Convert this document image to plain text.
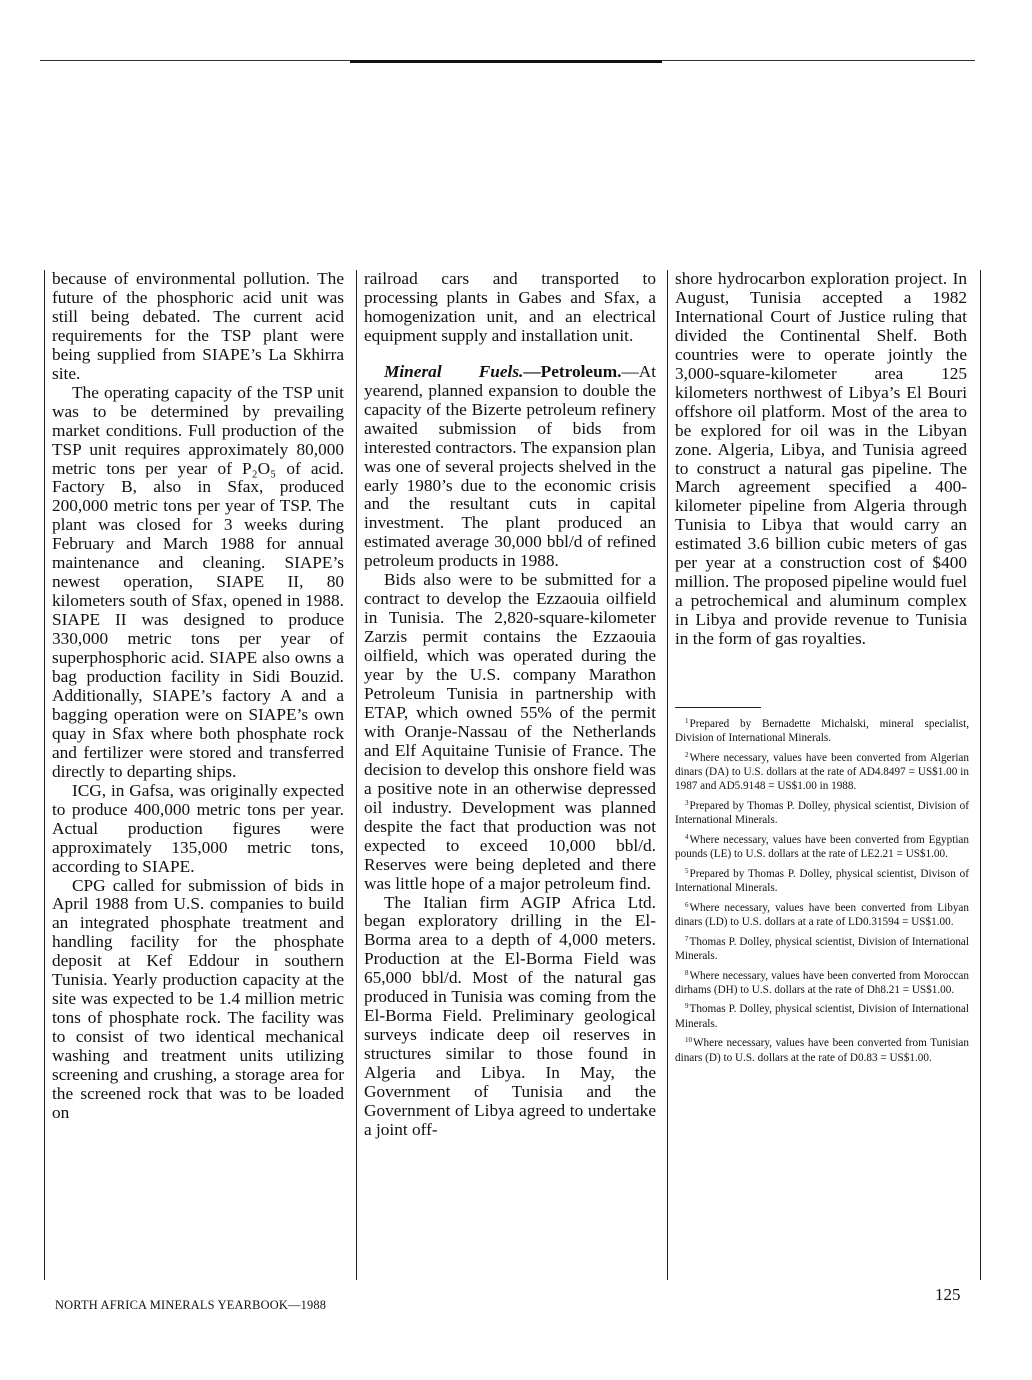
because of environmental pollution. The future of the phosphoric acid unit was still being debated. The current acid requirements for the TSP plant were being supplied from SIAPE’s La Skhirra site.

The operating capacity of the TSP unit was to be determined by prevailing market conditions. Full production of the TSP unit requires approximately 80,000 metric tons per year of P₂O₅ of acid. Factory B, also in Sfax, produced 200,000 metric tons per year of TSP. The plant was closed for 3 weeks during February and March 1988 for annual maintenance and cleaning. SIAPE’s newest operation, SIAPE II, 80 kilometers south of Sfax, opened in 1988. SIAPE II was designed to produce 330,000 metric tons per year of superphosphoric acid. SIAPE also owns a bag production facility in Sidi Bouzid. Additionally, SIAPE’s factory A and a bagging operation were on SIAPE’s own quay in Sfax where both phosphate rock and fertilizer were stored and transferred directly to departing ships.

ICG, in Gafsa, was originally expected to produce 400,000 metric tons per year. Actual production figures were approximately 135,000 metric tons, according to SIAPE.

CPG called for submission of bids in April 1988 from U.S. companies to build an integrated phosphate treatment and handling facility for the phosphate deposit at Kef Eddour in southern Tunisia. Yearly production capacity at the site was expected to be 1.4 million metric tons of phosphate rock. The facility was to consist of two identical mechanical washing and treatment units utilizing screening and crushing, a storage area for the screened rock that was to be loaded on

railroad cars and transported to processing plants in Gabes and Sfax, a homogenization unit, and an electrical equipment supply and installation unit.

Mineral Fuels.—Petroleum.—At yearend, planned expansion to double the capacity of the Bizerte petroleum refinery awaited submission of bids from interested contractors. The expansion plan was one of several projects shelved in the early 1980’s due to the economic crisis and the resultant cuts in capital investment. The plant produced an estimated average 30,000 bbl/d of refined petroleum products in 1988.

Bids also were to be submitted for a contract to develop the Ezzaouia oilfield in Tunisia. The 2,820-square-kilometer Zarzis permit contains the Ezzaouia oilfield, which was operated during the year by the U.S. company Marathon Petroleum Tunisia in partnership with ETAP, which owned 55% of the permit with Oranje-Nassau of the Netherlands and Elf Aquitaine Tunisie of France. The decision to develop this onshore field was a positive note in an otherwise depressed oil industry. Development was planned despite the fact that production was not expected to exceed 10,000 bbl/d. Reserves were being depleted and there was little hope of a major petroleum find.

The Italian firm AGIP Africa Ltd. began exploratory drilling in the El-Borma area to a depth of 4,000 meters. Production at the El-Borma Field was 65,000 bbl/d. Most of the natural gas produced in Tunisia was coming from the El-Borma Field. Preliminary geological surveys indicate deep oil reserves in structures similar to those found in Algeria and Libya. In May, the Government of Tunisia and the Government of Libya agreed to undertake a joint off-

shore hydrocarbon exploration project. In August, Tunisia accepted a 1982 International Court of Justice ruling that divided the Continental Shelf. Both countries were to operate jointly the 3,000-square-kilometer area 125 kilometers northwest of Libya’s El Bouri offshore oil platform. Most of the area to be explored for oil was in the Libyan zone. Algeria, Libya, and Tunisia agreed to construct a natural gas pipeline. The March agreement specified a 400-kilometer pipeline from Algeria through Tunisia to Libya that would carry an estimated 3.6 billion cubic meters of gas per year at a construction cost of $400 million. The proposed pipeline would fuel a petrochemical and aluminum complex in Libya and provide revenue to Tunisia in the form of gas royalties.

$^1$Prepared by Bernadette Michalski, mineral specialist, Division of International Minerals.

$^2$Where necessary, values have been converted from Algerian dinars (DA) to U.S. dollars at the rate of AD4.8497 = US$1.00 in 1987 and AD5.9148 = US$1.00 in 1988.

$^3$Prepared by Thomas P. Dolley, physical scientist, Division of International Minerals.

$^4$Where necessary, values have been converted from Egyptian pounds (LE) to U.S. dollars at the rate of LE2.21 = US$1.00.

$^5$Prepared by Thomas P. Dolley, physical scientist, Divison of International Minerals.

$^6$Where necessary, values have been converted from Libyan dinars (LD) to U.S. dollars at a rate of LD0.31594 = US$1.00.

$^7$Thomas P. Dolley, physical scientist, Division of International Minerals.

$^8$Where necessary, values have been converted from Moroccan dirhams (DH) to U.S. dollars at the rate of Dh8.21 = US$1.00.

$^9$Thomas P. Dolley, physical scientist, Division of International Minerals.

$^{10}$Where necessary, values have been converted from Tunisian dinars (D) to U.S. dollars at the rate of D0.83 = US$1.00.

NORTH AFRICA MINERALS YEARBOOK—1988
125
